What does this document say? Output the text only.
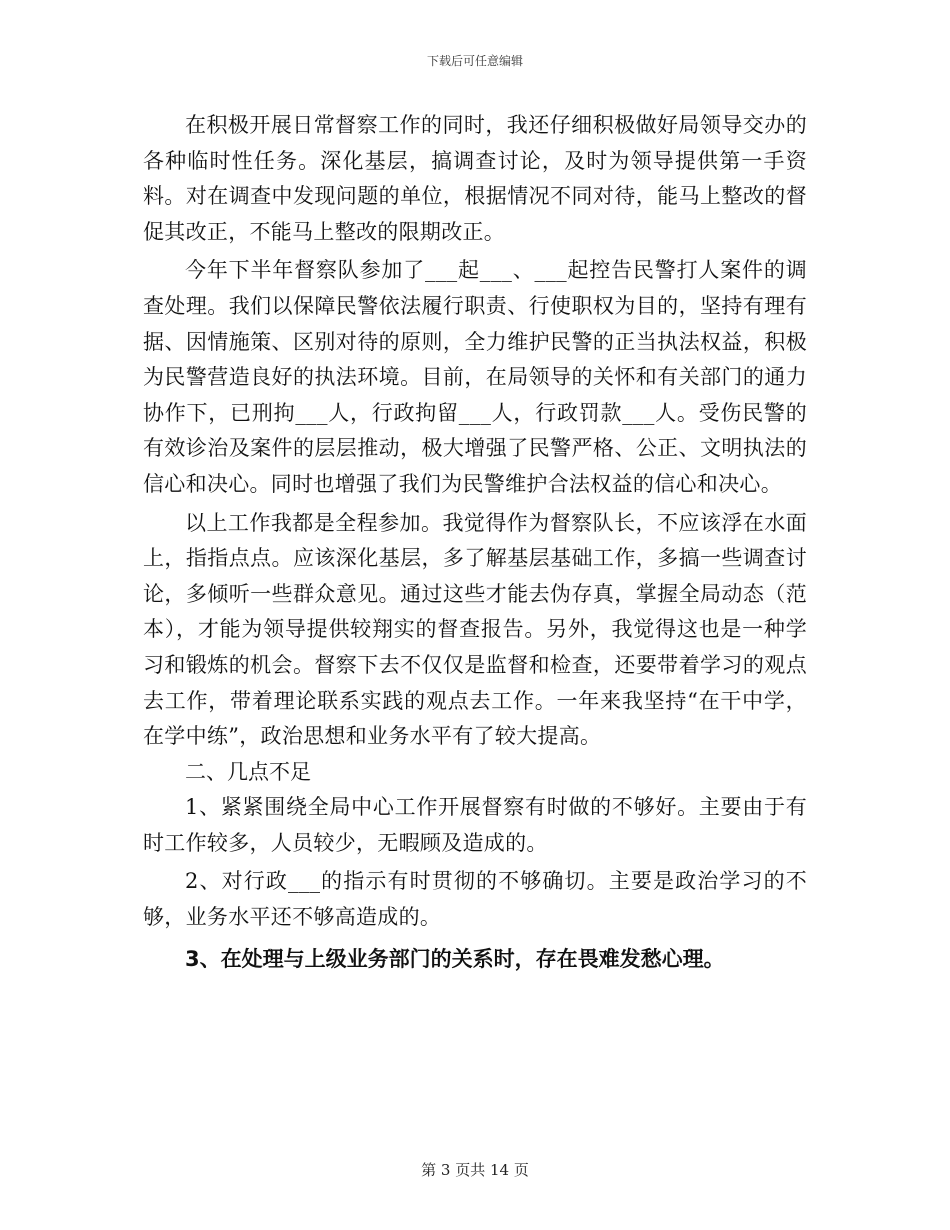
下载后可任意编辑

在积极开展日常督察工作的同时，我还仔细积极做好局领导交办的各种临时性任务。深化基层，搞调查讨论，及时为领导提供第一手资料。对在调查中发现问题的单位，根据情况不同对待，能马上整改的督促其改正，不能马上整改的限期改正。

今年下半年督察队参加了___起___、___起控告民警打人案件的调查处理。我们以保障民警依法履行职责、行使职权为目的，坚持有理有据、因情施策、区别对待的原则，全力维护民警的正当执法权益，积极为民警营造良好的执法环境。目前，在局领导的关怀和有关部门的通力协作下，已刑拘___人，行政拘留___人，行政罚款___人。受伤民警的有效诊治及案件的层层推动，极大增强了民警严格、公正、文明执法的信心和决心。同时也增强了我们为民警维护合法权益的信心和决心。

以上工作我都是全程参加。我觉得作为督察队长，不应该浮在水面上，指指点点。应该深化基层，多了解基层基础工作，多搞一些调查讨论，多倾听一些群众意见。通过这些才能去伪存真，掌握全局动态（范本），才能为领导提供较翔实的督查报告。另外，我觉得这也是一种学习和锻炼的机会。督察下去不仅仅是监督和检查，还要带着学习的观点去工作，带着理论联系实践的观点去工作。一年来我坚持“在干中学，在学中练”，政治思想和业务水平有了较大提高。

二、几点不足

1、紧紧围绕全局中心工作开展督察有时做的不够好。主要由于有时工作较多，人员较少，无暇顾及造成的。

2、对行政___的指示有时贯彻的不够确切。主要是政治学习的不够，业务水平还不够高造成的。

3、在处理与上级业务部门的关系时，存在畏难发愁心理。

第 3 页共 14 页
